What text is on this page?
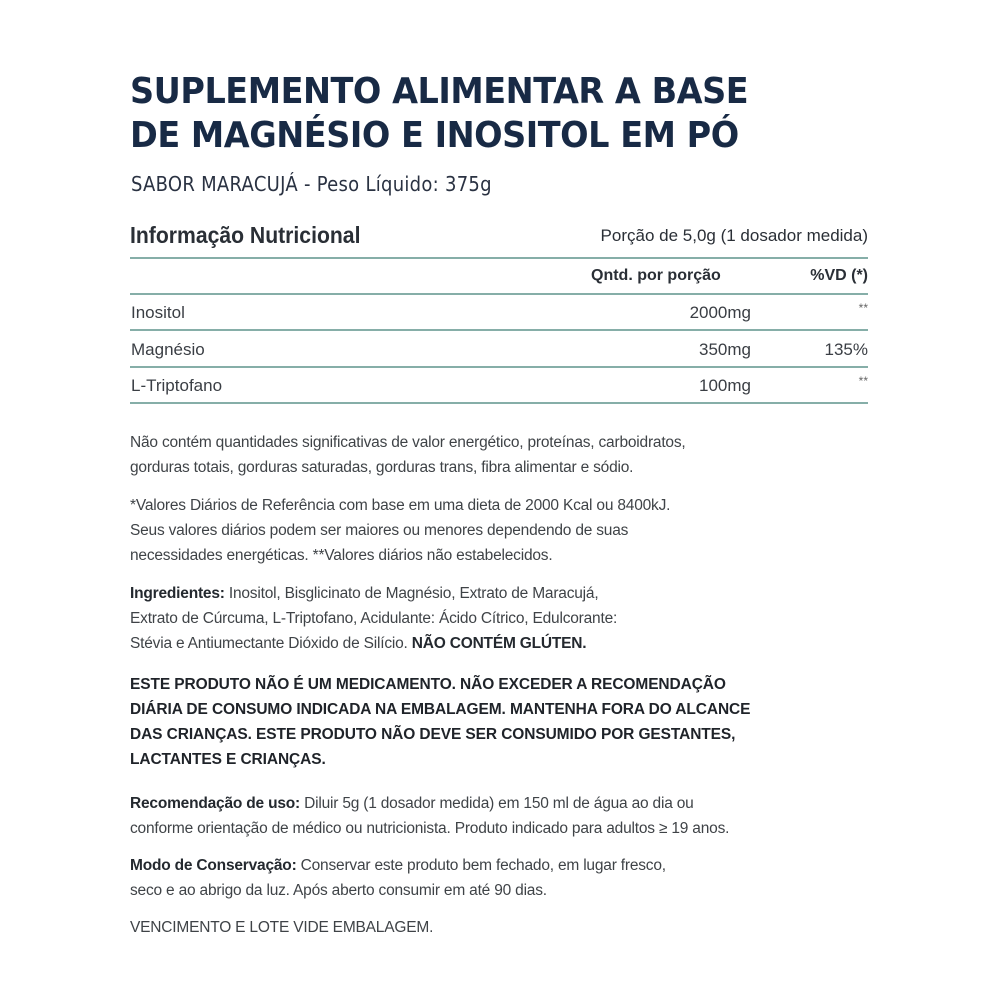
SUPLEMENTO ALIMENTAR A BASE
DE MAGNÉSIO E INOSITOL EM PÓ
SABOR MARACUJÁ - Peso Líquido: 375g
Informação Nutricional	Porção de 5,0g (1 dosador medida)
Qntd. por porção	%VD (*)
Inositol	2000mg	**
Magnésio	350mg	135%
L-Triptofano	100mg	**
Não contém quantidades significativas de valor energético, proteínas, carboidratos,
gorduras totais, gorduras saturadas, gorduras trans, fibra alimentar e sódio.
*Valores Diários de Referência com base em uma dieta de 2000 Kcal ou 8400kJ.
Seus valores diários podem ser maiores ou menores dependendo de suas
necessidades energéticas. **Valores diários não estabelecidos.
Ingredientes: Inositol, Bisglicinato de Magnésio, Extrato de Maracujá,
Extrato de Cúrcuma, L-Triptofano, Acidulante: Ácido Cítrico, Edulcorante:
Stévia e Antiumectante Dióxido de Silício. NÃO CONTÉM GLÚTEN.
ESTE PRODUTO NÃO É UM MEDICAMENTO. NÃO EXCEDER A RECOMENDAÇÃO
DIÁRIA DE CONSUMO INDICADA NA EMBALAGEM. MANTENHA FORA DO ALCANCE
DAS CRIANÇAS. ESTE PRODUTO NÃO DEVE SER CONSUMIDO POR GESTANTES,
LACTANTES E CRIANÇAS.
Recomendação de uso: Diluir 5g (1 dosador medida) em 150 ml de água ao dia ou
conforme orientação de médico ou nutricionista. Produto indicado para adultos ≥ 19 anos.
Modo de Conservação: Conservar este produto bem fechado, em lugar fresco,
seco e ao abrigo da luz. Após aberto consumir em até 90 dias.
VENCIMENTO E LOTE VIDE EMBALAGEM.
